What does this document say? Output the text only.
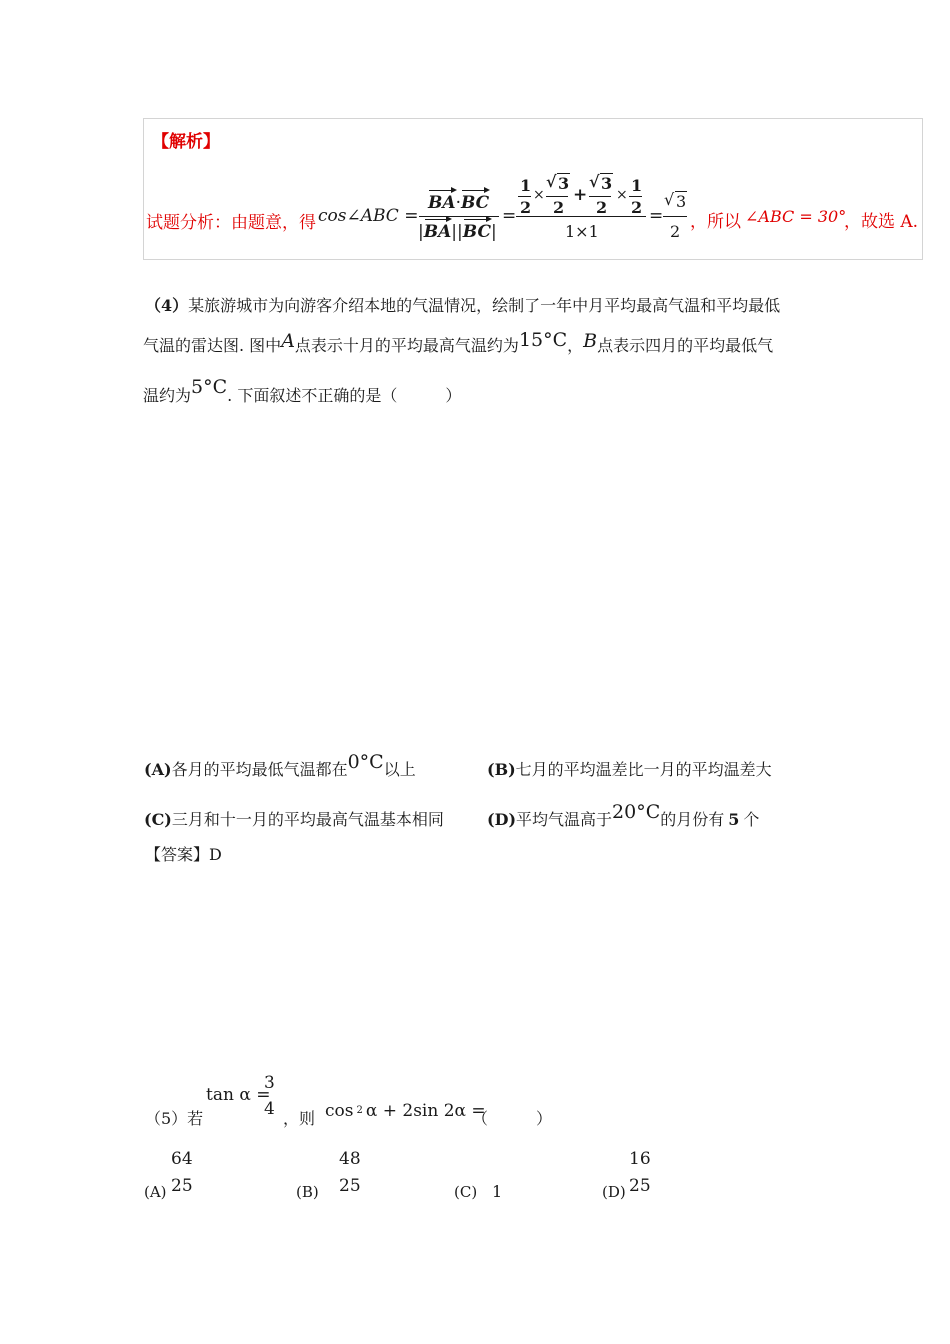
【解析】
试题分析：由题意，得 cos∠ABC =
BA·BC
|BA||BC|
=
1
2
×
√ 3
2
+
√ 3
2
× 1
2
1×1
=
√ 3
2 ，所以 ∠ABC = 30°
，故选 A.
（4）某旅游城市为向游客介绍本地的气温情况，绘制了一年中月平均最高气温和平均最低
气温的雷达图. 图中A点表示十月的平均最高气温约为15°C，B点表示四月的平均最低气
温约为5°C. 下面叙述不正确的是（　　　）
(A)各月的平均最低气温都在0°C以上	(B)七月的平均温差比一月的平均温差大
(C)三月和十一月的平均最高气温基本相同	(D)平均气温高于20°C的月份有 5 个
【答案】D
（5）若
tan α =
3
4 ，则 cos 2 α + 2sin 2α =
（　　　）
64
(A) 25
48
(B) 25	(C) 1
16
(D) 25
